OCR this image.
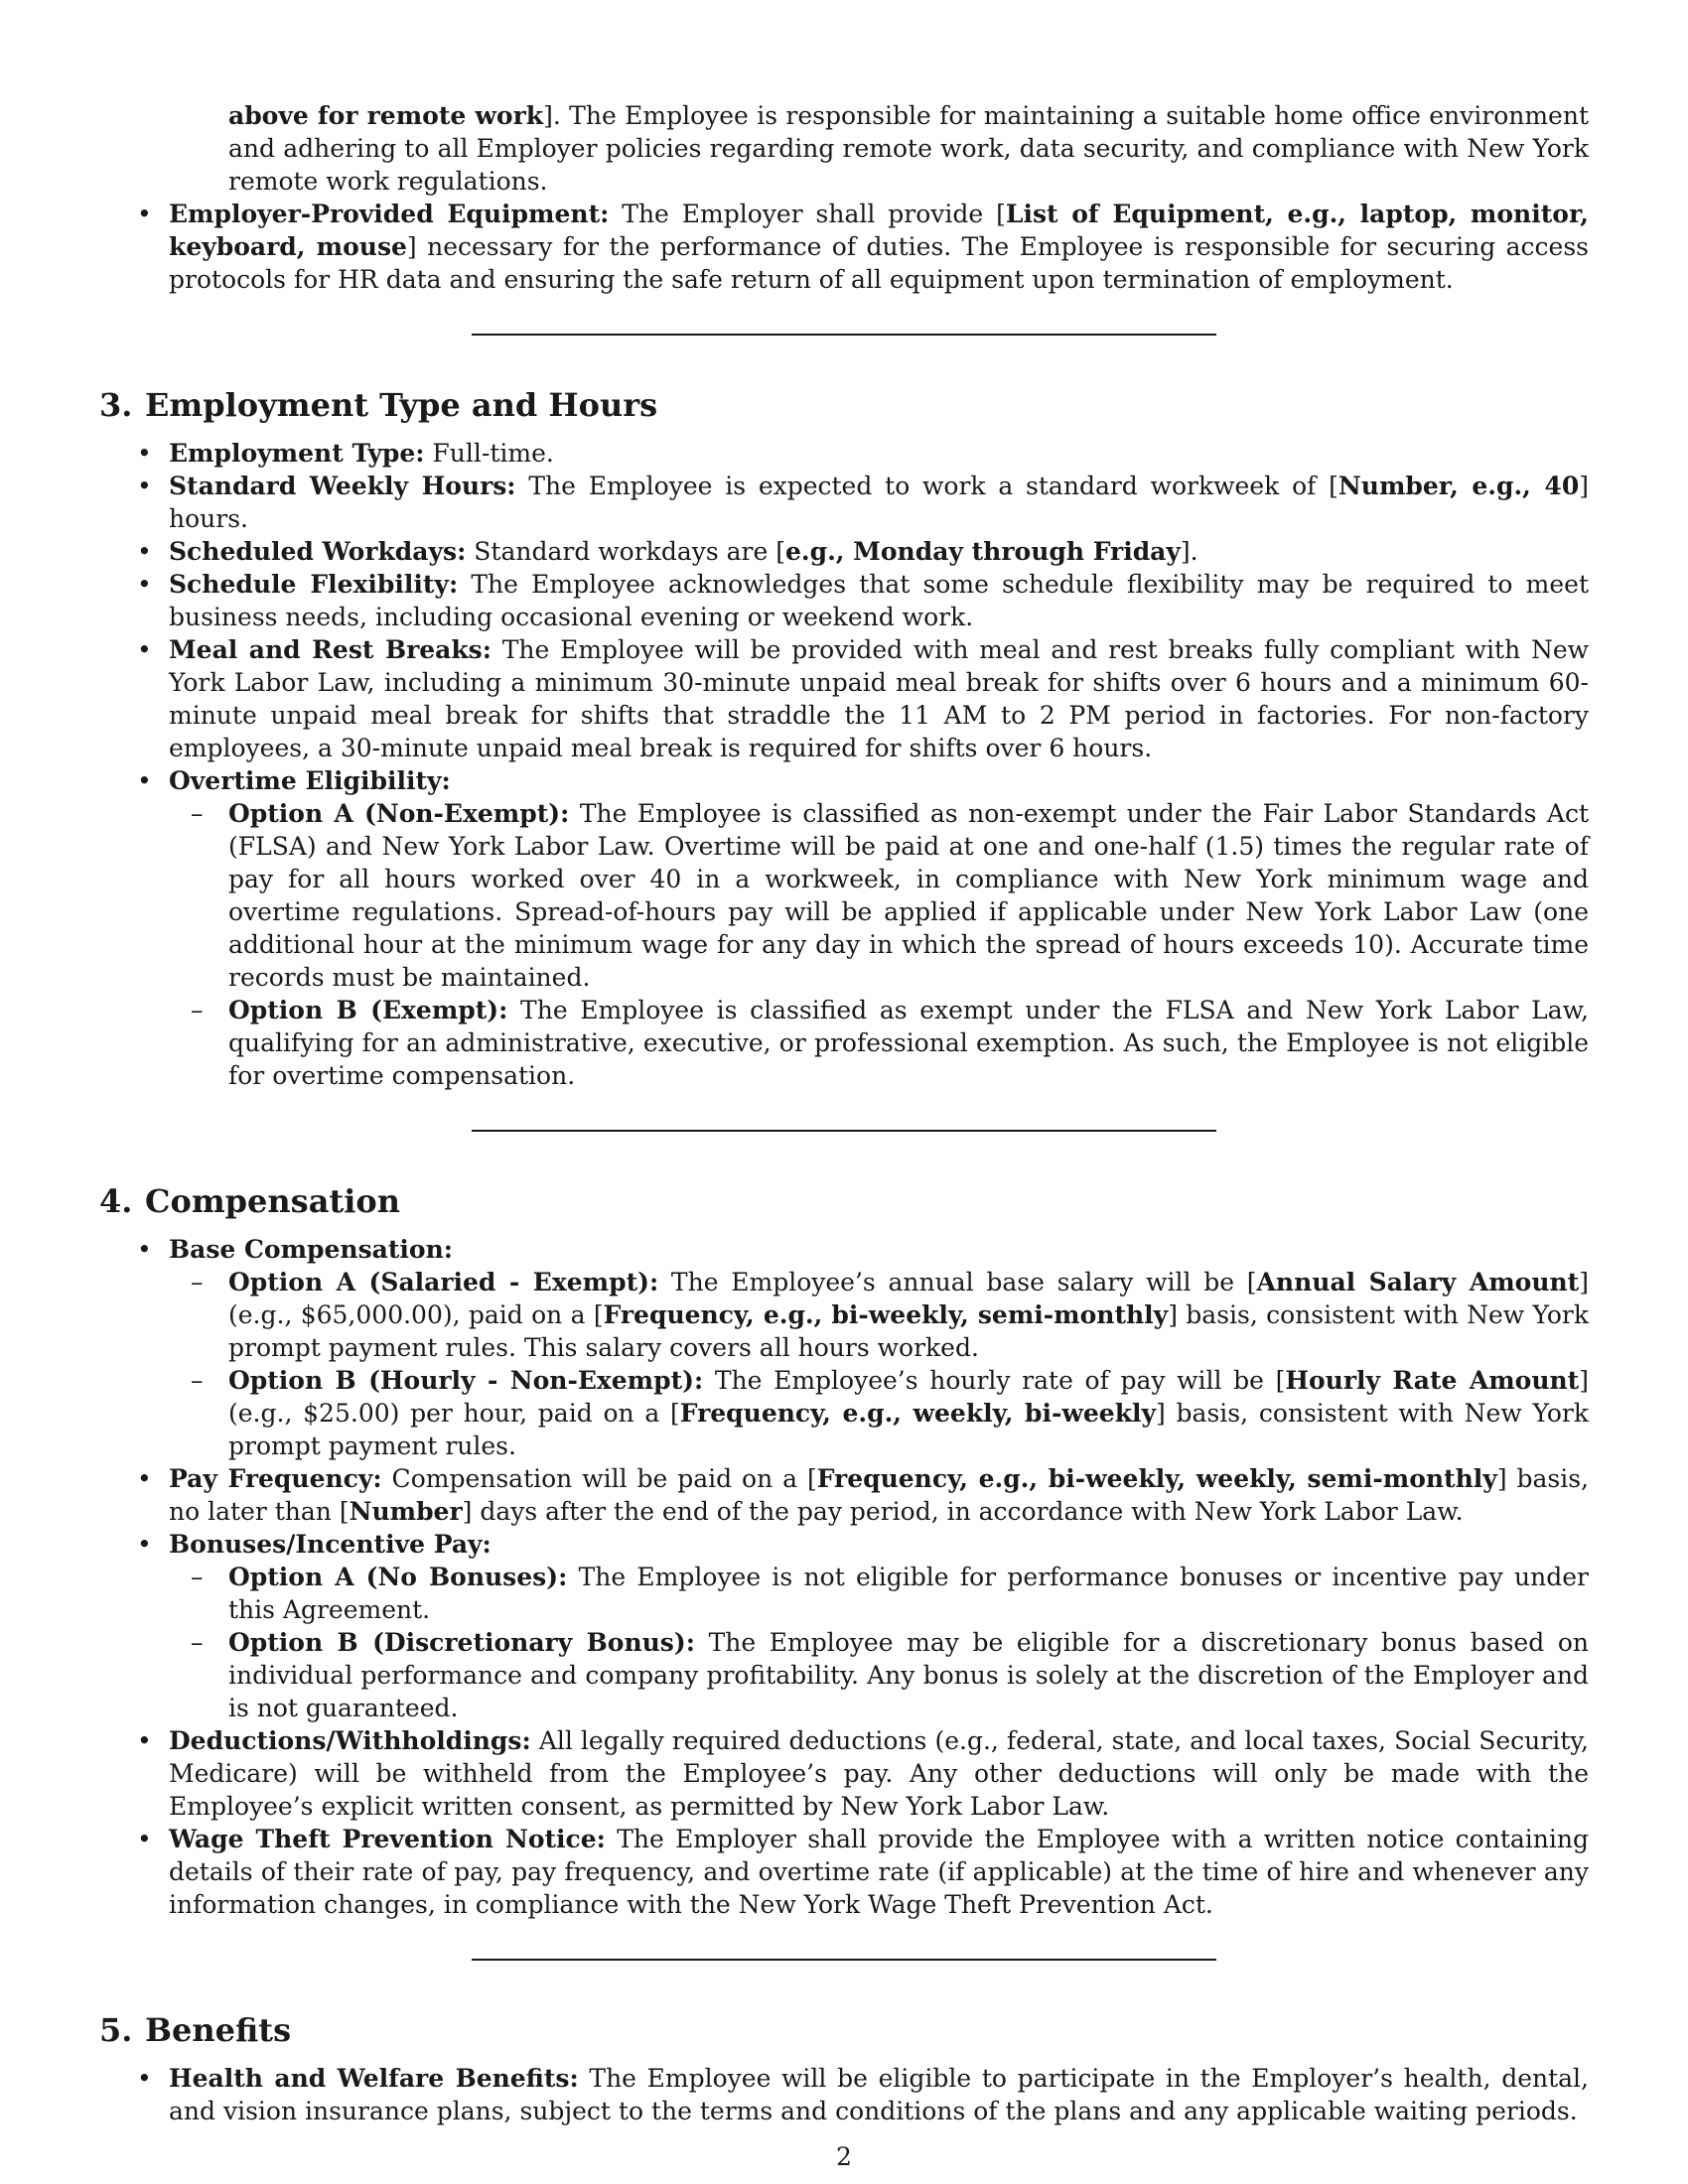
above for remote work]. The Employee is responsible for maintaining a suitable home office environment and adhering to all Employer policies regarding remote work, data security, and compliance with New York remote work regulations.

• Employer-Provided Equipment: The Employer shall provide [List of Equipment, e.g., laptop, monitor, keyboard, mouse] necessary for the performance of duties. The Employee is responsible for securing access protocols for HR data and ensuring the safe return of all equipment upon termination of employment.
3. Employment Type and Hours
• Employment Type: Full-time.
• Standard Weekly Hours: The Employee is expected to work a standard workweek of [Number, e.g., 40] hours.
• Scheduled Workdays: Standard workdays are [e.g., Monday through Friday].
• Schedule Flexibility: The Employee acknowledges that some schedule flexibility may be required to meet business needs, including occasional evening or weekend work.
• Meal and Rest Breaks: The Employee will be provided with meal and rest breaks fully compliant with New York Labor Law, including a minimum 30-minute unpaid meal break for shifts over 6 hours and a minimum 60-minute unpaid meal break for shifts that straddle the 11 AM to 2 PM period in factories. For non-factory employees, a 30-minute unpaid meal break is required for shifts over 6 hours.
• Overtime Eligibility:
– Option A (Non-Exempt): The Employee is classified as non-exempt under the Fair Labor Standards Act (FLSA) and New York Labor Law. Overtime will be paid at one and one-half (1.5) times the regular rate of pay for all hours worked over 40 in a workweek, in compliance with New York minimum wage and overtime regulations. Spread-of-hours pay will be applied if applicable under New York Labor Law (one additional hour at the minimum wage for any day in which the spread of hours exceeds 10). Accurate time records must be maintained.
– Option B (Exempt): The Employee is classified as exempt under the FLSA and New York Labor Law, qualifying for an administrative, executive, or professional exemption. As such, the Employee is not eligible for overtime compensation.
4. Compensation
• Base Compensation:
– Option A (Salaried - Exempt): The Employee’s annual base salary will be [Annual Salary Amount] (e.g., $65,000.00), paid on a [Frequency, e.g., bi-weekly, semi-monthly] basis, consistent with New York prompt payment rules. This salary covers all hours worked.
– Option B (Hourly - Non-Exempt): The Employee’s hourly rate of pay will be [Hourly Rate Amount] (e.g., $25.00) per hour, paid on a [Frequency, e.g., weekly, bi-weekly] basis, consistent with New York prompt payment rules.
• Pay Frequency: Compensation will be paid on a [Frequency, e.g., bi-weekly, weekly, semi-monthly] basis, no later than [Number] days after the end of the pay period, in accordance with New York Labor Law.
• Bonuses/Incentive Pay:
– Option A (No Bonuses): The Employee is not eligible for performance bonuses or incentive pay under this Agreement.
– Option B (Discretionary Bonus): The Employee may be eligible for a discretionary bonus based on individual performance and company profitability. Any bonus is solely at the discretion of the Employer and is not guaranteed.
• Deductions/Withholdings: All legally required deductions (e.g., federal, state, and local taxes, Social Security, Medicare) will be withheld from the Employee’s pay. Any other deductions will only be made with the Employee’s explicit written consent, as permitted by New York Labor Law.
• Wage Theft Prevention Notice: The Employer shall provide the Employee with a written notice containing details of their rate of pay, pay frequency, and overtime rate (if applicable) at the time of hire and whenever any information changes, in compliance with the New York Wage Theft Prevention Act.
5. Benefits
• Health and Welfare Benefits: The Employee will be eligible to participate in the Employer’s health, dental, and vision insurance plans, subject to the terms and conditions of the plans and any applicable waiting periods.
2
